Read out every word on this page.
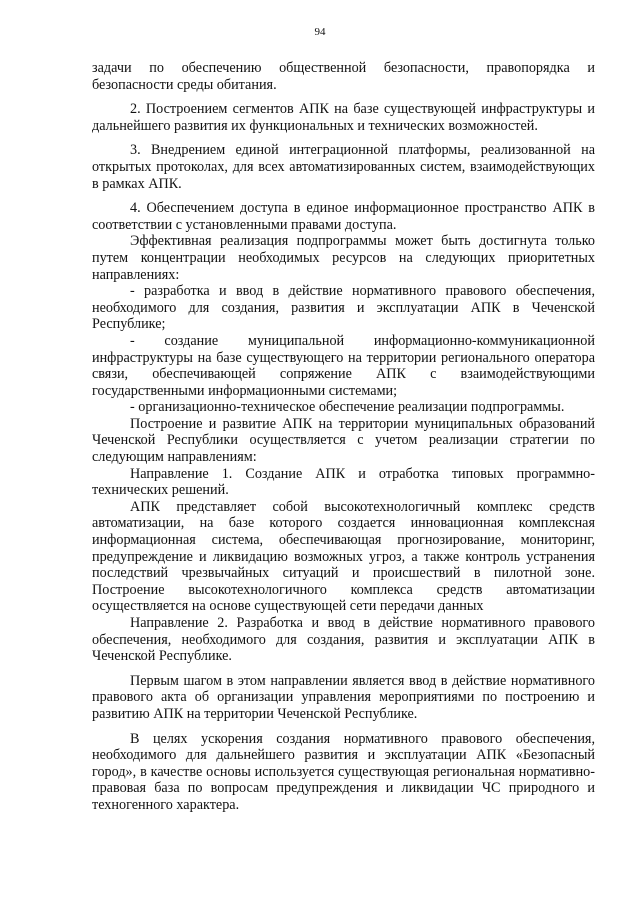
94

задачи по обеспечению общественной безопасности, правопорядка и безопасности среды обитания.

2. Построением сегментов АПК на базе существующей инфраструктуры и дальнейшего развития их функциональных и технических возможностей.

3. Внедрением единой интеграционной платформы, реализованной на открытых протоколах, для всех автоматизированных систем, взаимодействующих в рамках АПК.

4. Обеспечением доступа в единое информационное пространство АПК в соответствии с установленными правами доступа.

Эффективная реализация подпрограммы может быть достигнута только путем концентрации необходимых ресурсов на следующих приоритетных направлениях:

- разработка и ввод в действие нормативного правового обеспечения, необходимого для создания, развития и эксплуатации АПК в Чеченской Республике;

- создание муниципальной информационно-коммуникационной инфраструктуры на базе существующего на территории регионального оператора связи, обеспечивающей сопряжение АПК с взаимодействующими государственными информационными системами;

- организационно-техническое обеспечение реализации подпрограммы.

Построение и развитие АПК на территории муниципальных образований Чеченской Республики осуществляется с учетом реализации стратегии по следующим направлениям:

Направление 1. Создание АПК и отработка типовых программно-технических решений.

АПК представляет собой высокотехнологичный комплекс средств автоматизации, на базе которого создается инновационная комплексная информационная система, обеспечивающая прогнозирование, мониторинг, предупреждение и ликвидацию возможных угроз, а также контроль устранения последствий чрезвычайных ситуаций и происшествий в пилотной зоне. Построение высокотехнологичного комплекса средств автоматизации осуществляется на основе существующей сети передачи данных

Направление 2. Разработка и ввод в действие нормативного правового обеспечения, необходимого для создания, развития и эксплуатации АПК в Чеченской Республике.

Первым шагом в этом направлении является ввод в действие нормативного правового акта об организации управления мероприятиями по построению и развитию АПК на территории Чеченской Республике.

В целях ускорения создания нормативного правового обеспечения, необходимого для дальнейшего развития и эксплуатации АПК «Безопасный город», в качестве основы используется существующая региональная нормативно-правовая база по вопросам предупреждения и ликвидации ЧС природного и техногенного характера.
